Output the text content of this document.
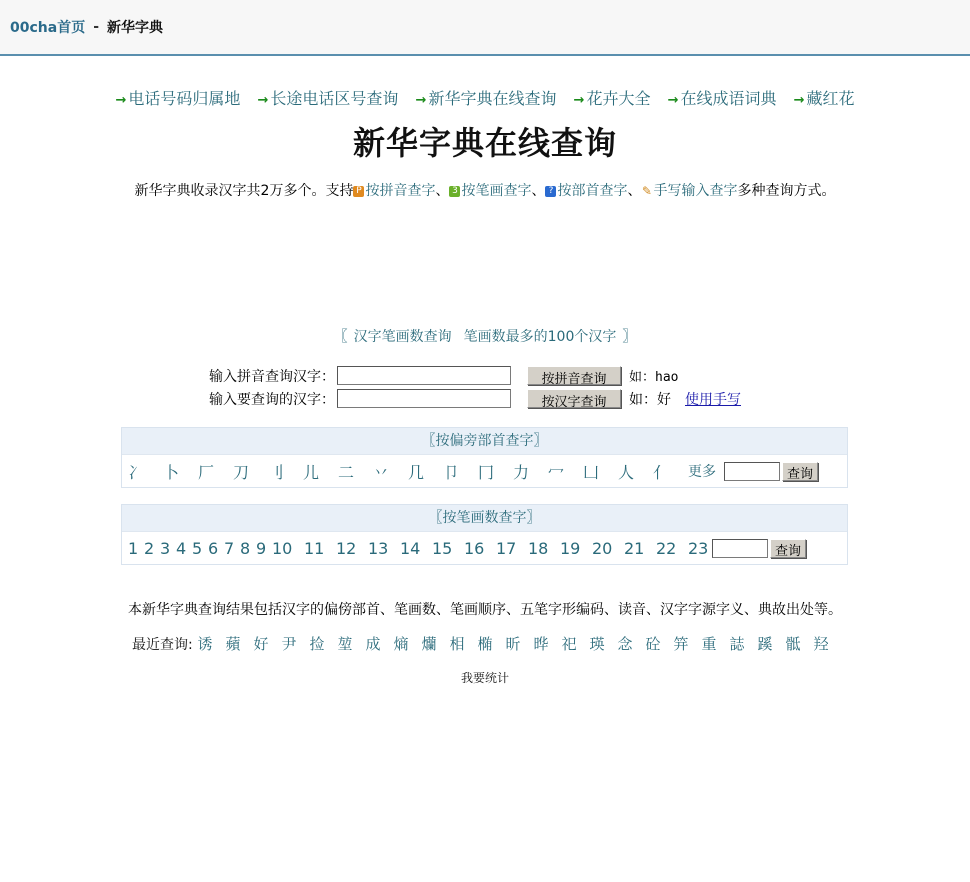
00cha首页 - 新华字典
→ 电话号码归属地 → 长途电话区号查询 → 新华字典在线查询 → 花卉大全 → 在线成语词典 → 藏红花
新华字典在线查询
新华字典收录汉字共2万多个。支持 P 按拼音查字、 3 按笔画查字、 ? 按部首查字、✎手写输入查字多种查询方式。
〖 汉字笔画数查询 笔画数最多的100个汉字 〗
输入拼音查询汉字：	按拼音查询	如：hao
输入要查询的汉字：	按汉字查询	如：好 使用手写
〖按偏旁部首查字〗
冫	卜	厂	刀	刂	儿	二	丷	几	卩	冂	力	冖	凵	人	亻	更多	查询
〖按笔画数查字〗
1 2 3 4 5 6 7 8 9 10 11 12 13 14 15 16 17 18 19 20 21 22 23	查询
本新华字典查询结果包括汉字的偏傍部首、笔画数、笔画顺序、五笔字形编码、读音、汉字字源字义、典故出处等。
最近查询: 诱 蘋 好 尹 捡 堃 成 熵 爤 相 椭 昕 晔 祀 瑛 念 砼 笄 重 誌 蹊 骶 羟
我要统计
